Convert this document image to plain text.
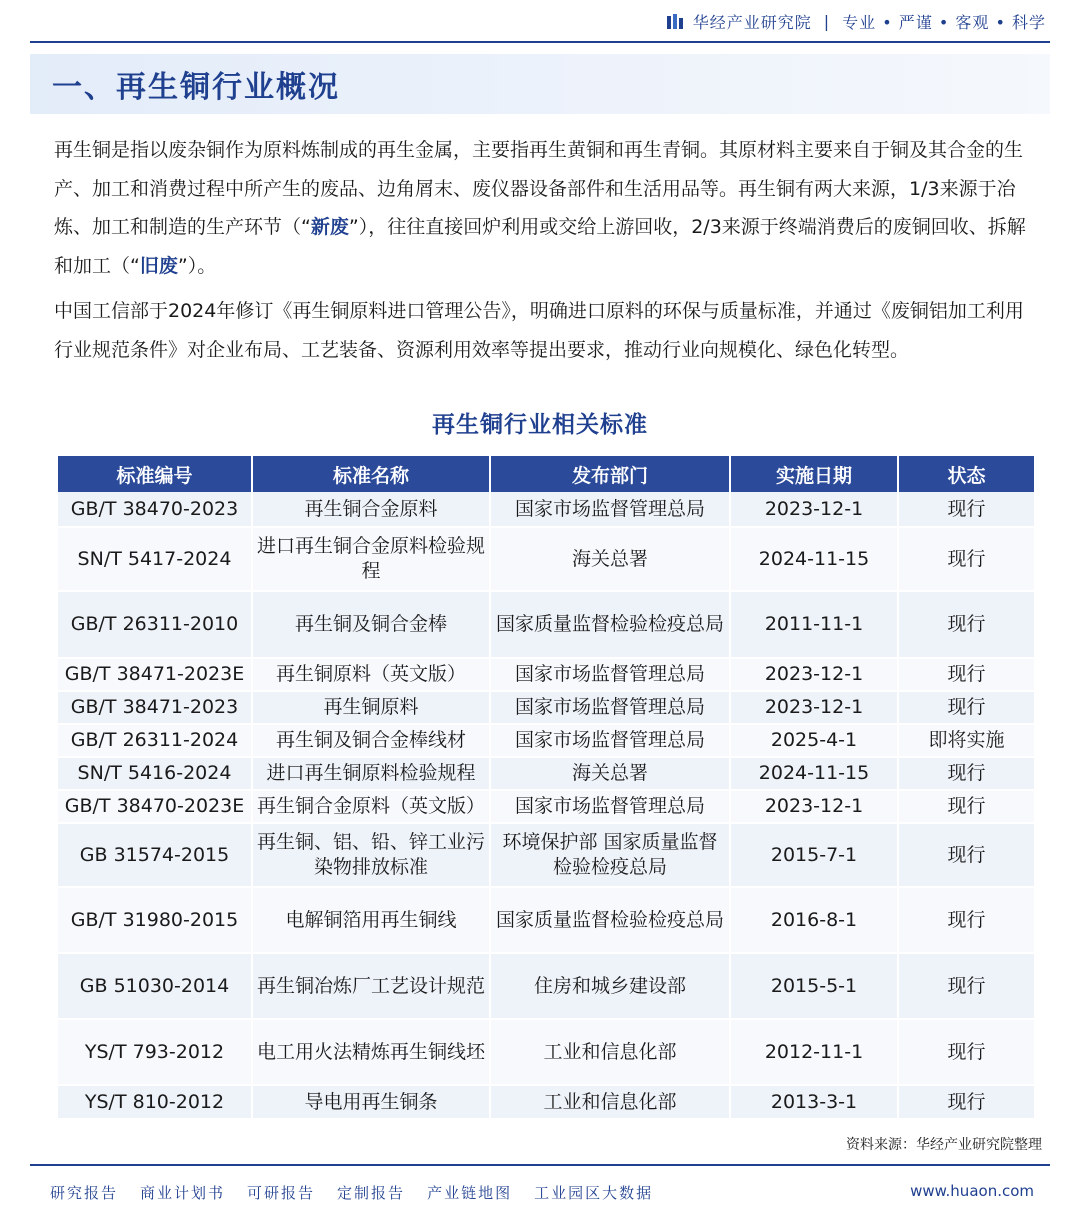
华经产业研究院 | 专业 • 严谨 • 客观 • 科学
一、再生铜行业概况
再生铜是指以废杂铜作为原料炼制成的再生金属，主要指再生黄铜和再生青铜。其原材料主要来自于铜及其合金的生产、加工和消费过程中所产生的废品、边角屑末、废仪器设备部件和生活用品等。再生铜有两大来源，1/3来源于冶炼、加工和制造的生产环节（“新废”），往往直接回炉利用或交给上游回收，2/3来源于终端消费后的废铜回收、拆解和加工（“旧废”）。
中国工信部于2024年修订《再生铜原料进口管理公告》，明确进口原料的环保与质量标准，并通过《废铜铝加工利用行业规范条件》对企业布局、工艺装备、资源利用效率等提出要求，推动行业向规模化、绿色化转型。
再生铜行业相关标准
标准编号	标准名称	发布部门	实施日期	状态
GB/T 38470-2023	再生铜合金原料	国家市场监督管理总局	2023-12-1	现行
SN/T 5417-2024	进口再生铜合金原料检验规程	海关总署	2024-11-15	现行
GB/T 26311-2010	再生铜及铜合金棒	国家质量监督检验检疫总局	2011-11-1	现行
GB/T 38471-2023E	再生铜原料（英文版）	国家市场监督管理总局	2023-12-1	现行
GB/T 38471-2023	再生铜原料	国家市场监督管理总局	2023-12-1	现行
GB/T 26311-2024	再生铜及铜合金棒线材	国家市场监督管理总局	2025-4-1	即将实施
SN/T 5416-2024	进口再生铜原料检验规程	海关总署	2024-11-15	现行
GB/T 38470-2023E	再生铜合金原料（英文版）	国家市场监督管理总局	2023-12-1	现行
GB 31574-2015	再生铜、铝、铅、锌工业污染物排放标准	环境保护部 国家质量监督检验检疫总局	2015-7-1	现行
GB/T 31980-2015	电解铜箔用再生铜线	国家质量监督检验检疫总局	2016-8-1	现行
GB 51030-2014	再生铜冶炼厂工艺设计规范	住房和城乡建设部	2015-5-1	现行
YS/T 793-2012	电工用火法精炼再生铜线坯	工业和信息化部	2012-11-1	现行
YS/T 810-2012	导电用再生铜条	工业和信息化部	2013-3-1	现行
资料来源：华经产业研究院整理
研究报告 商业计划书 可研报告 定制报告 产业链地图 工业园区大数据	www.huaon.com
